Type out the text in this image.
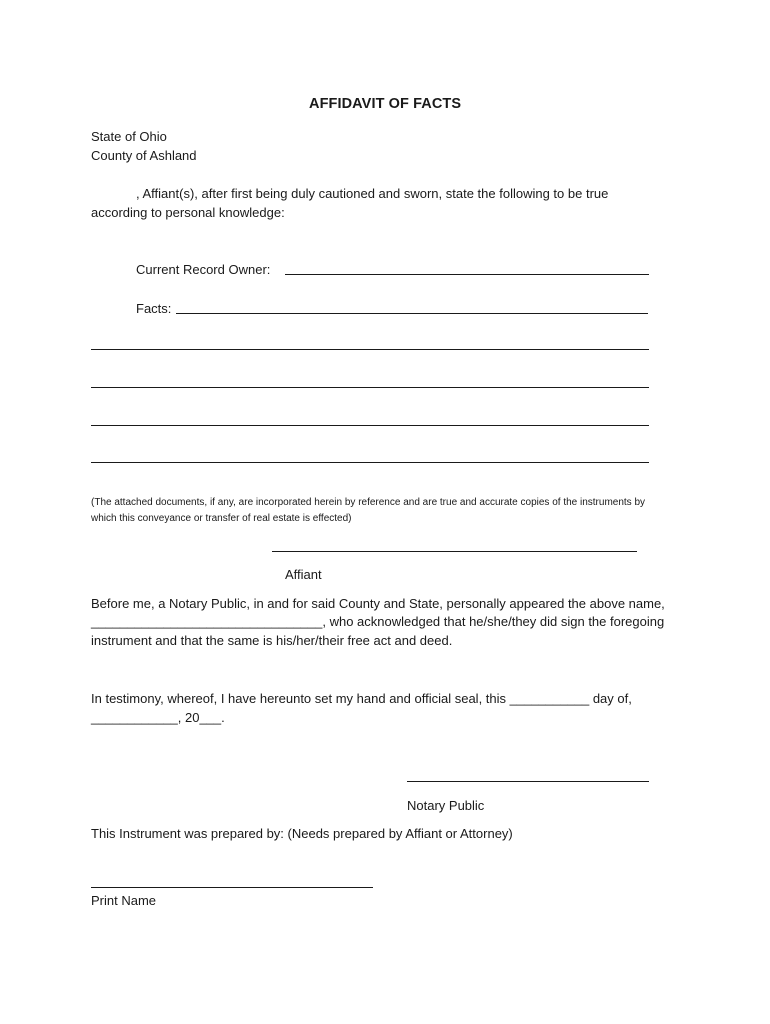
AFFIDAVIT OF FACTS
State of Ohio
County of Ashland
, Affiant(s), after first being duly cautioned and sworn, state the following to be true
according to personal knowledge:
Current Record Owner:
Facts:
(The attached documents, if any, are incorporated herein by reference and are true and accurate copies of the instruments by
which this conveyance or transfer of real estate is effected)
Affiant
Before me, a Notary Public, in and for said County and State, personally appeared the above name,
________________________________, who acknowledged that he/she/they did sign the foregoing
instrument and that the same is his/her/their free act and deed.
In testimony, whereof, I have hereunto set my hand and official seal, this ___________ day of,
____________, 20___.
Notary Public
This Instrument was prepared by: (Needs prepared by Affiant or Attorney)
Print Name
